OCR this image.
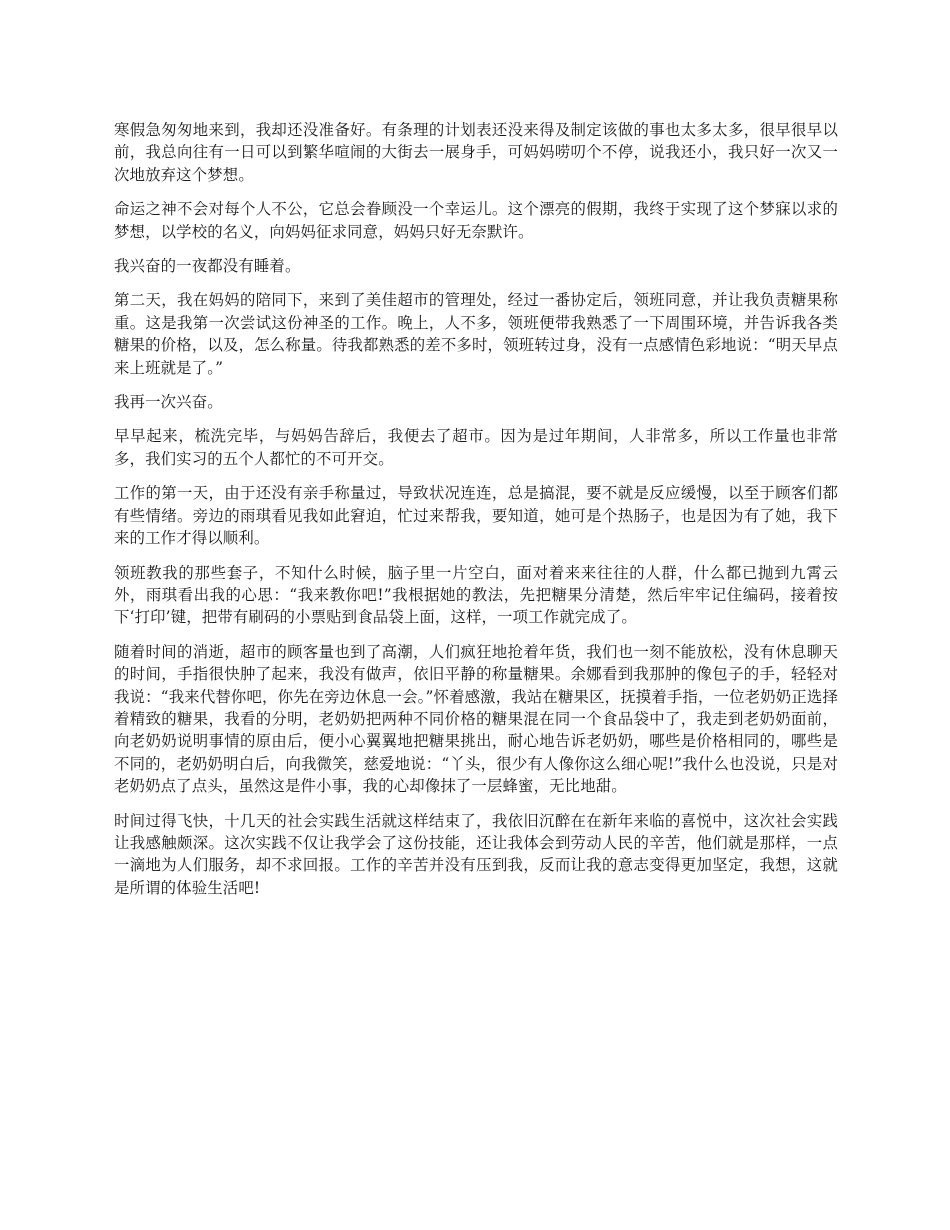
寒假急匆匆地来到，我却还没准备好。有条理的计划表还没来得及制定该做的事也太多太多，很早很早以前，我总向往有一日可以到繁华喧闹的大街去一展身手，可妈妈唠叨个不停，说我还小，我只好一次又一次地放弃这个梦想。

命运之神不会对每个人不公，它总会眷顾没一个幸运儿。这个漂亮的假期，我终于实现了这个梦寐以求的梦想，以学校的名义，向妈妈征求同意，妈妈只好无奈默许。

我兴奋的一夜都没有睡着。

第二天，我在妈妈的陪同下，来到了美佳超市的管理处，经过一番协定后，领班同意，并让我负责糖果称重。这是我第一次尝试这份神圣的工作。晚上，人不多，领班便带我熟悉了一下周围环境，并告诉我各类糖果的价格，以及，怎么称量。待我都熟悉的差不多时，领班转过身，没有一点感情色彩地说：“明天早点来上班就是了。”

我再一次兴奋。

早早起来，梳洗完毕，与妈妈告辞后，我便去了超市。因为是过年期间，人非常多，所以工作量也非常多，我们实习的五个人都忙的不可开交。

工作的第一天，由于还没有亲手称量过，导致状况连连，总是搞混，要不就是反应缓慢，以至于顾客们都有些情绪。旁边的雨琪看见我如此窘迫，忙过来帮我，要知道，她可是个热肠子，也是因为有了她，我下来的工作才得以顺利。

领班教我的那些套子，不知什么时候，脑子里一片空白，面对着来来往往的人群，什么都已抛到九霄云外，雨琪看出我的心思：“我来教你吧!”我根据她的教法，先把糖果分清楚，然后牢牢记住编码，接着按下‘打印’键，把带有刷码的小票贴到食品袋上面，这样，一项工作就完成了。

随着时间的消逝，超市的顾客量也到了高潮，人们疯狂地抢着年货，我们也一刻不能放松，没有休息聊天的时间，手指很快肿了起来，我没有做声，依旧平静的称量糖果。余娜看到我那肿的像包子的手，轻轻对我说：“我来代替你吧，你先在旁边休息一会。”怀着感激，我站在糖果区，抚摸着手指，一位老奶奶正选择着精致的糖果，我看的分明，老奶奶把两种不同价格的糖果混在同一个食品袋中了，我走到老奶奶面前，向老奶奶说明事情的原由后，便小心翼翼地把糖果挑出，耐心地告诉老奶奶，哪些是价格相同的，哪些是不同的，老奶奶明白后，向我微笑，慈爱地说：“丫头，很少有人像你这么细心呢!”我什么也没说，只是对老奶奶点了点头，虽然这是件小事，我的心却像抹了一层蜂蜜，无比地甜。

时间过得飞快，十几天的社会实践生活就这样结束了，我依旧沉醉在在新年来临的喜悦中，这次社会实践让我感触颇深。这次实践不仅让我学会了这份技能，还让我体会到劳动人民的辛苦，他们就是那样，一点一滴地为人们服务，却不求回报。工作的辛苦并没有压到我，反而让我的意志变得更加坚定，我想，这就是所谓的体验生活吧!
